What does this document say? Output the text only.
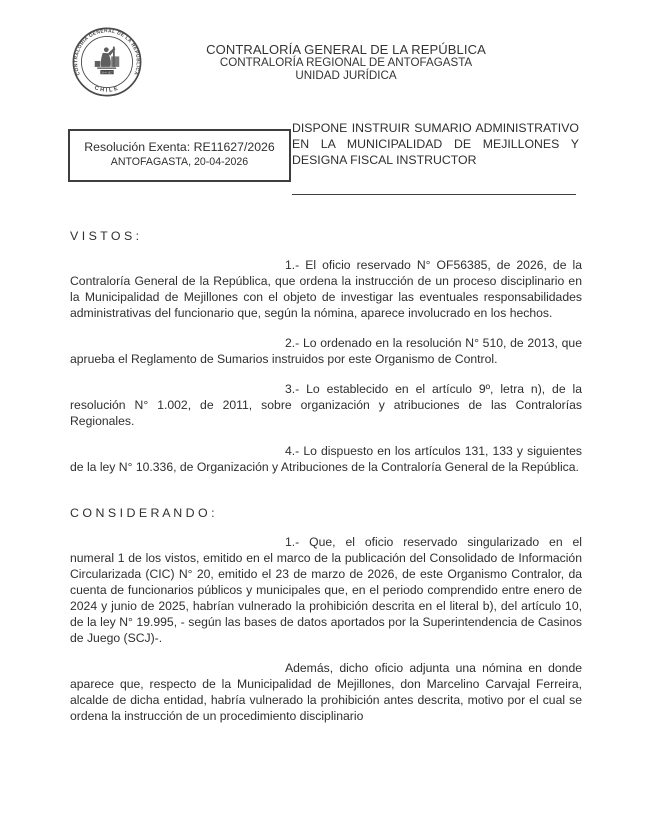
CONTRALORIA GENERAL DE LA REPUBLICA
CHILE
26-III-1927
CONTRALORÍA GENERAL DE LA REPÚBLICA
CONTRALORÍA REGIONAL DE ANTOFAGASTA
UNIDAD JURÍDICA
Resolución Exenta: RE11627/2026
ANTOFAGASTA, 20-04-2026
DISPONE INSTRUIR SUMARIO ADMINISTRATIVO EN LA MUNICIPALIDAD DE MEJILLONES Y DESIGNA FISCAL INSTRUCTOR
V I S T O S :

1.- El oficio reservado N° OF56385, de 2026, de la Contraloría General de la República, que ordena la instrucción de un proceso disciplinario en la Municipalidad de Mejillones con el objeto de investigar las eventuales responsabilidades administrativas del funcionario que, según la nómina, aparece involucrado en los hechos.

2.- Lo ordenado en la resolución N° 510, de 2013, que aprueba el Reglamento de Sumarios instruidos por este Organismo de Control.

3.- Lo establecido en el artículo 9º, letra n), de la resolución N° 1.002, de 2011, sobre organización y atribuciones de las Contralorías Regionales.

4.- Lo dispuesto en los artículos 131, 133 y siguientes de la ley N° 10.336, de Organización y Atribuciones de la Contraloría General de la República.

C O N S I D E R A N D O :

1.- Que, el oficio reservado singularizado en el numeral 1 de los vistos, emitido en el marco de la publicación del Consolidado de Información Circularizada (CIC) N° 20, emitido el 23 de marzo de 2026, de este Organismo Contralor, da cuenta de funcionarios públicos y municipales que, en el periodo comprendido entre enero de 2024 y junio de 2025, habrían vulnerado la prohibición descrita en el literal b), del artículo 10, de la ley N° 19.995, - según las bases de datos aportados por la Superintendencia de Casinos de Juego (SCJ)-.

Además, dicho oficio adjunta una nómina en donde aparece que, respecto de la Municipalidad de Mejillones, don Marcelino Carvajal Ferreira, alcalde de dicha entidad, habría vulnerado la prohibición antes descrita, motivo por el cual se ordena la instrucción de un procedimiento disciplinario
